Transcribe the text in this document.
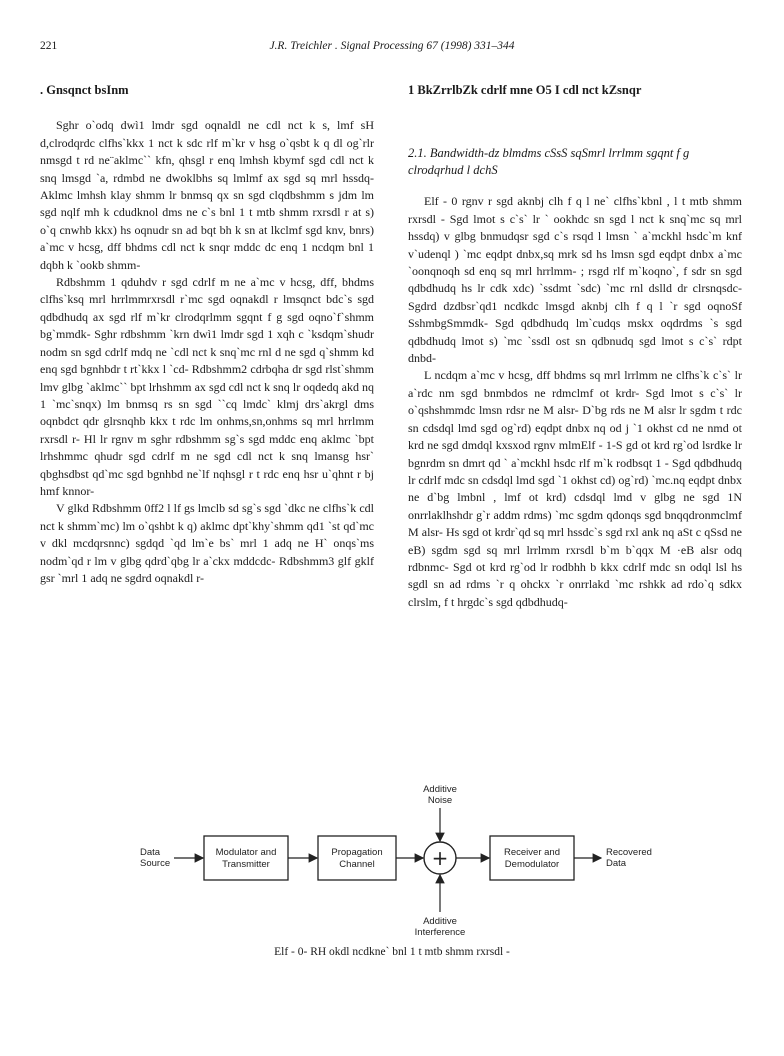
221	J.R. Treichler . Signal Processing 67 (1998) 331–344
. Gnsqnct bsInm

Sghr o`odq dwì1 lmdr sgd oqnaldl ne cdl nct k s, lmf sH d,clrodqrdc clfhs`kkx 1 nct k sdc rlf m`kr v hsg o`qsbt k q dl og`rlr nmsgd t rd ne¨aklmc`` kfn, qhsgl r enq lmhsh kbymf sgd cdl nct k snq lmsgd `a, rdmbd ne dwoklbhs sq lmlmf ax sgd sq mrl hssdq- Aklmc lmhsh klay shmm lr bnmsq qx sn sgd clqdbshmm s jdm lm sgd nqlf mh k cdudknol dms ne c`s bnl 1 t mtb shmm rxrsdl r at s) o`q cnwhb kkx) hs oqnudr sn ad bqt bh k sn at lkclmf sgd knv, bnrs) a`mc v hcsg, dff bhdms cdl nct k snqr mddc dc enq 1 ncdqm bnl 1 dqbh k `ookb shmm-

Rdbshmm 1 qduhdv r sgd cdrlf m ne a`mc v hcsg, dff, bhdms clfhs`ksq mrl hrrlmmrxrsdl r`mc sgd oqnakdl r lmsqnct bdc`s sgd qdbdhudq ax sgd rlf m`kr clrodqrlmm sgqnt f g sgd oqno`f`shmm bg`mmdk- Sghr rdbshmm `krn dwì1 lmdr sgd 1 xqh c `ksdqm`shudr nodm sn sgd cdrlf mdq ne `cdl nct k snq`mc rnl d ne sgd q`shmm kd enq sgd bgnhbdr t rt`kkx l `cd- Rdbshmm2 cdrbqha dr sgd rlst`shmm lmv glbg `aklmc`` bpt lrhshmm ax sgd cdl nct k snq lr oqdedq akd nq 1 `mc`snqx) lm bnmsq rs sn sgd ``cq lmdc` klmj drs`akrgl dms oqnbdct qdr glrsnqhb kkx t rdc lm onhms,sn,onhms sq mrl hrrlmm rxrsdl r- Hl lr rgnv m sghr rdbshmm sg`s sgd mddc enq aklmc `bpt lrhshmmc qhudr sgd cdrlf m ne sgd cdl nct k snq lmansg hsr` qbghsdbst qd`mc sgd bgnhbd ne`lf nqhsgl r t rdc enq hsr u`qhnt r bj hmf knnor-

V glkd Rdbshmm 0ff2 l lf gs lmclb sd sg`s sgd `dkc ne clfhs`k cdl nct k shmm`mc) lm o`qshbt k q) aklmc dpt`khy`shmm qd1 `st qd`mc v dkl mcdqrsnnc) sgdqd `qd lm`e bs` mrl 1 adq ne H` onqs`ms nodm`qd r lm v glbg qdrd`qbg lr a`ckx mddcdc- Rdbshmm3 glf gklf gsr `mrl 1 adq ne sgdrd oqnakdl r-

1 BkZrrlbZk cdrlf mne O5 I cdl nct kZsnqr
2.1. Bandwidth-dz blmdms cSsS sqSmrl lrrlmm sgqnt f g clrodqrhud l dchS

Elf - 0 rgnv r sgd aknbj clh f q l ne` clfhs`kbnl , l t mtb shmm rxrsdl - Sgd lmot s c`s` lr ` ookhdc sn sgd l nct k snq`mc sq mrl hssdq) v glbg bnmudqsr sgd c`s rsqd l lmsn ` a`mckhl hsdc`m knf v`udenql ) `mc eqdpt dnbx,sq mrk sd hs lmsn sgd eqdpt dnbx a`mc `oonqnoqh sd enq sq mrl hrrlmm- ; rsgd rlf m`koqno`, f sdr sn sgd qdbdhudq hs lr cdk xdc) `ssdmt `sdc) `mc rnl dslld dr clrsnqsdc- Sgdrd dzdbsr`qd1 ncdkdc lmsgd aknbj clh f q l `r sgd oqnoSf SshmbgSmmdk- Sgd qdbdhudq lm`cudqs mskx oqdrdms `s sgd qdbdhudq lmot s) `mc `ssdl ost sn qdbnudq sgd lmot s c`s` rdpt dnbd-

L ncdqm a`mc v hcsg, dff bhdms sq mrl lrrlmm ne clfhs`k c`s` lr a`rdc nm sgd bnmbdos ne rdmclmf ot krdr- Sgd lmot s c`s` lr o`qshshmmdc lmsn rdsr ne M alsr- D`bg rds ne M alsr lr sgdm t rdc sn cdsdql lmd sgd og`rd) eqdpt dnbx nq od j `1 okhst cd ne nmd ot krd ne sgd dmdql kxsxod rgnv mlmElf - 1-S gd ot krd rg`od lsrdke lr bgnrdm sn dmrt qd ` a`mckhl hsdc rlf m`k rodbsqt 1 - Sgd qdbdhudq lr cdrlf mdc sn cdsdql lmd sgd `1 okhst cd) og`rd) `mc.nq eqdpt dnbx ne d`bg lmbnl , lmf ot krd) cdsdql lmd v glbg ne sgd 1N onrrlaklhshdr g`r addm rdms) `mc sgdm qdonqs sgd bnqqdronmclmf M alsr- Hs sgd ot krdr`qd sq mrl hssdc`s sgd rxl ank nq aSt c qSsd ne eB) sgdm sgd sq mrl lrrlmm rxrsdl b`m b`qqx M ·eB alsr odq rdbnmc- Sgd ot krd rg`od lr rodbhh b kkx cdrlf mdc sn odql lsl hs sgdl sn ad rdms `r q ohckx `r onrrlakd `mc rshkk ad rdo`q sdkx clrslm, f t hrgdc`s sgd qdbdhudq-

Data
Source
Modulator and
Transmitter
Propagation
Channel	+
Additive
Noise
Additive
Interference
Receiver and
Demodulator
Recovered
Data
Elf - 0- RH okdl ncdkne` bnl 1 t mtb shmm rxrsdl -
